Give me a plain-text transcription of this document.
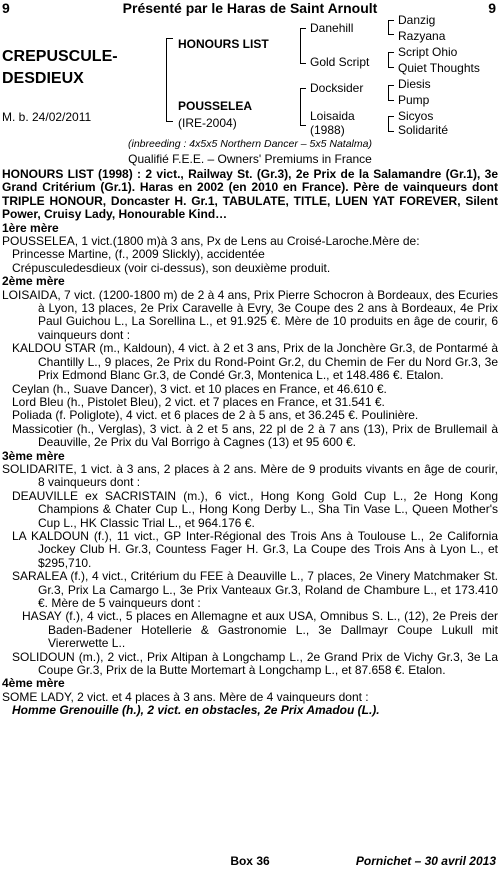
9	Présenté par le Haras de Saint Arnoult	9
CREPUSCULE-
DESDIEUX
M. b. 24/02/2011
HONOURS LIST
POUSSELEA
(IRE-2004)
Danehill
Gold Script
Docksider
Loisaida
(1988)
Danzig
Razyana
Script Ohio
Quiet Thoughts
Diesis
Pump
Sicyos
Solidarité
(inbreeding : 4x5x5 Northern Dancer – 5x5 Natalma)
Qualifié F.E.E. – Owners' Premiums in France

HONOURS LIST (1998) : 2 vict., Railway St. (Gr.3), 2e Prix de la Salamandre (Gr.1), 3e Grand Critérium (Gr.1). Haras en 2002 (en 2010 en France). Père de vainqueurs dont TRIPLE HONOUR, Doncaster H. Gr.1, TABULATE, TITLE, LUEN YAT FOREVER, Silent Power, Cruisy Lady, Honourable Kind…

1ère mère

POUSSELEA, 1 vict.(1800 m)à 3 ans, Px de Lens au Croisé-Laroche.Mère de:

Princesse Martine, (f., 2009 Slickly), accidentée

Crépusculedesdieux (voir ci-dessus), son deuxième produit.

2ème mère

LOISAIDA, 7 vict. (1200-1800 m) de 2 à 4 ans, Prix Pierre Schocron à Bordeaux, des Ecuries à Lyon, 13 places, 2e Prix Caravelle à Evry, 3e Coupe des 2 ans à Bordeaux, 4e Prix Paul Guichou L., La Sorellina L., et 91.925 €. Mère de 10 produits en âge de courir, 6 vainqueurs dont :

KALDOU STAR (m., Kaldoun), 4 vict. à 2 et 3 ans, Prix de la Jonchère Gr.3, de Pontarmé à Chantilly L., 9 places, 2e Prix du Rond-Point Gr.2, du Chemin de Fer du Nord Gr.3, 3e Prix Edmond Blanc Gr.3, de Condé Gr.3, Montenica L., et 148.486 €. Etalon.

Ceylan (h., Suave Dancer), 3 vict. et 10 places en France, et 46.610 €.

Lord Bleu (h., Pistolet Bleu), 2 vict. et 7 places en France, et 31.541 €.

Poliada (f. Poliglote), 4 vict. et 6 places de 2 à 5 ans, et 36.245 €. Poulinière.

Massicotier (h., Verglas), 3 vict. à 2 et 5 ans, 22 pl de 2 à 7 ans (13), Prix de Brullemail à Deauville, 2e Prix du Val Borrigo à Cagnes (13) et 95 600 €.

3ème mère

SOLIDARITE, 1 vict. à 3 ans, 2 places à 2 ans. Mère de 9 produits vivants en âge de courir, 8 vainqueurs dont :

DEAUVILLE ex SACRISTAIN (m.), 6 vict., Hong Kong Gold Cup L., 2e Hong Kong Champions & Chater Cup L., Hong Kong Derby L., Sha Tin Vase L., Queen Mother's Cup L., HK Classic Trial L., et 964.176 €.

LA KALDOUN (f.), 11 vict., GP Inter-Régional des Trois Ans à Toulouse L., 2e California Jockey Club H. Gr.3, Countess Fager H. Gr.3, La Coupe des Trois Ans à Lyon L., et $295,710.

SARALEA (f.), 4 vict., Critérium du FEE à Deauville L., 7 places, 2e Vinery Matchmaker St. Gr.3, Prix La Camargo L., 3e Prix Vanteaux Gr.3, Roland de Chambure L., et 173.410 €. Mère de 5 vainqueurs dont :

HASAY (f.), 4 vict., 5 places en Allemagne et aux USA, Omnibus S. L., (12), 2e Preis der Baden-Badener Hotellerie & Gastronomie L., 3e Dallmayr Coupe Lukull mit Viererwette L..

SOLIDOUN (m.), 2 vict., Prix Altipan à Longchamp L., 2e Grand Prix de Vichy Gr.3, 3e La Coupe Gr.3, Prix de la Butte Mortemart à Longchamp L., et 87.658 €. Etalon.

4ème mère

SOME LADY, 2 vict. et 4 places à 3 ans. Mère de 4 vainqueurs dont :

Homme Grenouille (h.), 2 vict. en obstacles, 2e Prix Amadou (L.).

Box 36	Pornichet – 30 avril 2013
